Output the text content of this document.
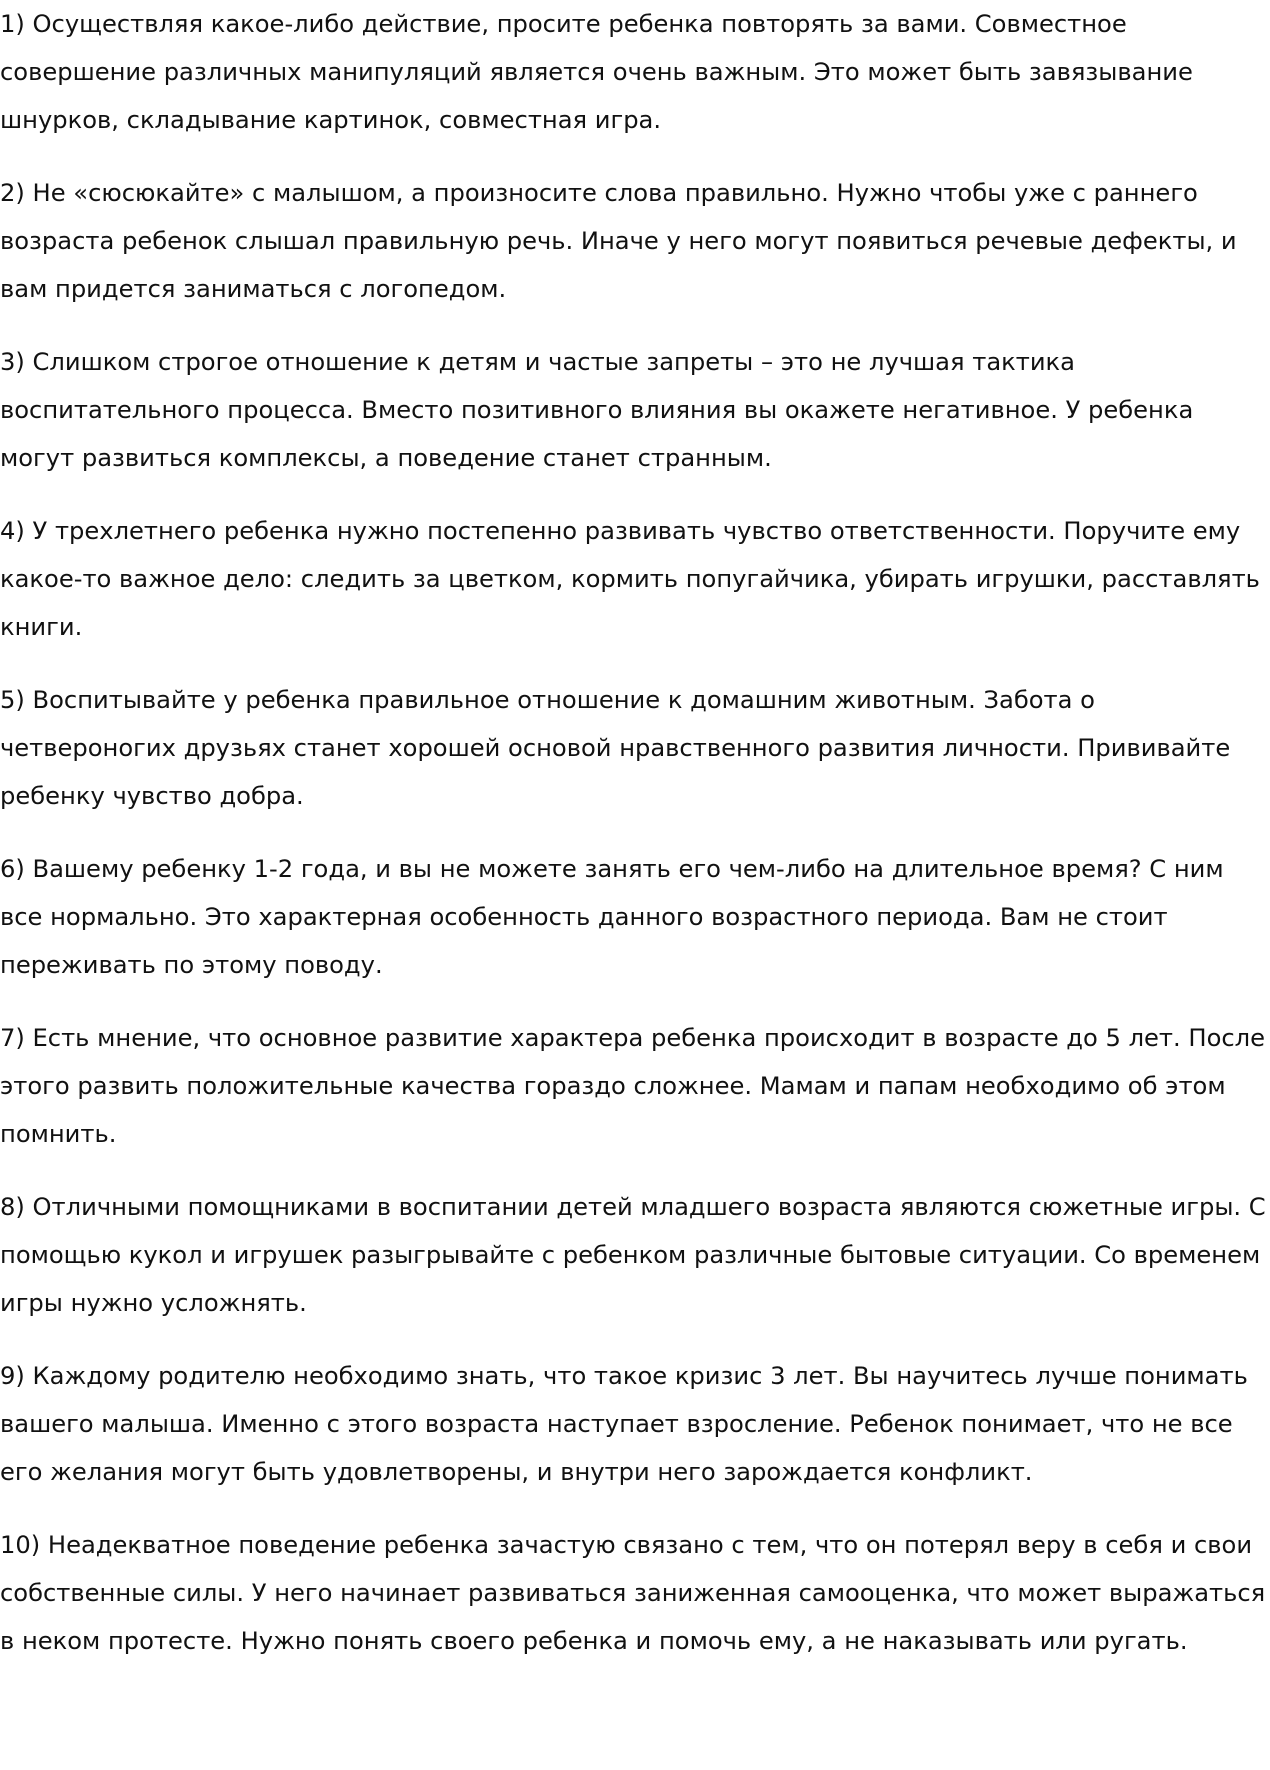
1) Осуществляя какое-либо действие, просите ребенка повторять за вами. Совместное совершение различных манипуляций является очень важным. Это может быть завязывание шнурков, складывание картинок, совместная игра.

2) Не «сюсюкайте» с малышом, а произносите слова правильно. Нужно чтобы уже с раннего возраста ребенок слышал правильную речь. Иначе у него могут появиться речевые дефекты, и вам придется заниматься с логопедом.

3) Слишком строгое отношение к детям и частые запреты – это не лучшая тактика воспитательного процесса. Вместо позитивного влияния вы окажете негативное. У ребенка могут развиться комплексы, а поведение станет странным.

4) У трехлетнего ребенка нужно постепенно развивать чувство ответственности. Поручите ему какое-то важное дело: следить за цветком, кормить попугайчика, убирать игрушки, расставлять книги.

5) Воспитывайте у ребенка правильное отношение к домашним животным. Забота о четвероногих друзьях станет хорошей основой нравственного развития личности. Прививайте ребенку чувство добра.

6) Вашему ребенку 1-2 года, и вы не можете занять его чем-либо на длительное время? С ним все нормально. Это характерная особенность данного возрастного периода. Вам не стоит переживать по этому поводу.

7) Есть мнение, что основное развитие характера ребенка происходит в возрасте до 5 лет. После этого развить положительные качества гораздо сложнее. Мамам и папам необходимо об этом помнить.

8) Отличными помощниками в воспитании детей младшего возраста являются сюжетные игры. С помощью кукол и игрушек разыгрывайте с ребенком различные бытовые ситуации. Со временем игры нужно усложнять.

9) Каждому родителю необходимо знать, что такое кризис 3 лет. Вы научитесь лучше понимать вашего малыша. Именно с этого возраста наступает взросление. Ребенок понимает, что не все его желания могут быть удовлетворены, и внутри него зарождается конфликт.

10) Неадекватное поведение ребенка зачастую связано с тем, что он потерял веру в себя и свои собственные силы. У него начинает развиваться заниженная самооценка, что может выражаться в неком протесте. Нужно понять своего ребенка и помочь ему, а не наказывать или ругать.
